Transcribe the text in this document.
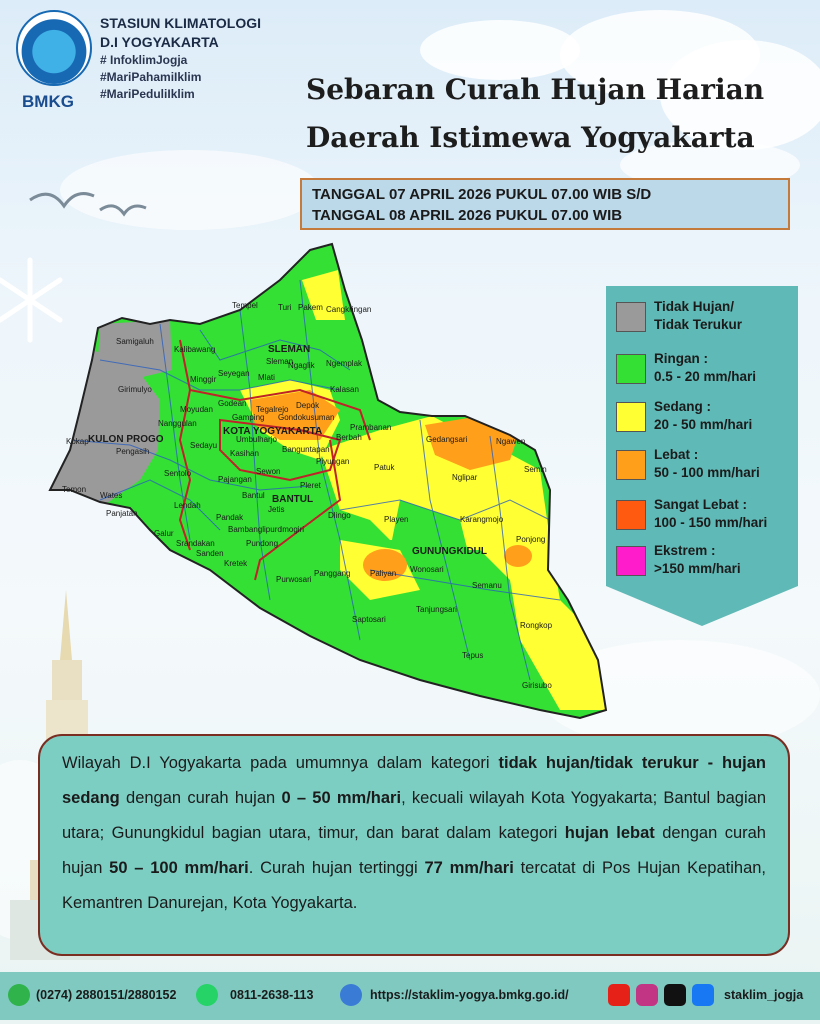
BMKG
STASIUN KLIMATOLOGI
D.I YOGYAKARTA
# InfoklimJogja
#MariPahamiIklim
#MariPeduliIklim	Sebaran Curah Hujan Harian
Daerah Istimewa Yogyakarta
TANGGAL 07 APRIL 2026 PUKUL 07.00 WIB S/D
TANGGAL 08 APRIL 2026 PUKUL 07.00 WIB
SLEMAN
KULON PROGO
KOTA YOGYAKARTA
BANTUL
GUNUNGKIDUL
Turi Pakem Cangkringan
Tempel
Samigaluh
Kalibawang
Sleman
Ngaglik Ngemplak
Minggir
Seyegan Mlati
Kalasan
Girimulyo
Godean	Depok
Moyudan
Gamping
Tegalrejo
Gondokusuman
Nanggulan
Umbulharjo	Berbah
Prambanan
Gedangsari	Ngawen
Kokap
Pengasih
Sedayu
Kasihan	Banguntapan
Piyungan
Semin
Sentolo	Sewon	Patuk
Nglipar
Temon
Wates
Pajangan
Pleret
Bantul
Jetis
Lendah
Panjatan	Pandak	Dlingo	Playen	Karangmojo
Ponjong
Galur	Bambanglipuro
Imogiri
Srandakan
Sanden
Pundong
Kretek
Purwosari
Panggang Paliyan Wonosari
Semanu
Saptosari
Tanjungsari
Rongkop
Tepus
Girisubo
Tidak Hujan/
Tidak Terukur
Ringan :
0.5 - 20 mm/hari
Sedang :
20 - 50 mm/hari
Lebat :
50 - 100 mm/hari
Sangat Lebat :
100 - 150 mm/hari
Ekstrem :
>150 mm/hari
Wilayah D.I Yogyakarta pada umumnya dalam kategori tidak hujan/tidak terukur - hujan sedang dengan curah hujan 0 – 50 mm/hari, kecuali wilayah Kota Yogyakarta; Bantul bagian utara; Gunungkidul bagian utara, timur, dan barat dalam kategori hujan lebat dengan curah hujan 50 – 100 mm/hari. Curah hujan tertinggi 77 mm/hari tercatat di Pos Hujan Kepatihan, Kemantren Danurejan, Kota Yogyakarta.
(0274) 2880151/2880152	0811-2638-113	https://staklim-yogya.bmkg.go.id/	staklim_jogja
